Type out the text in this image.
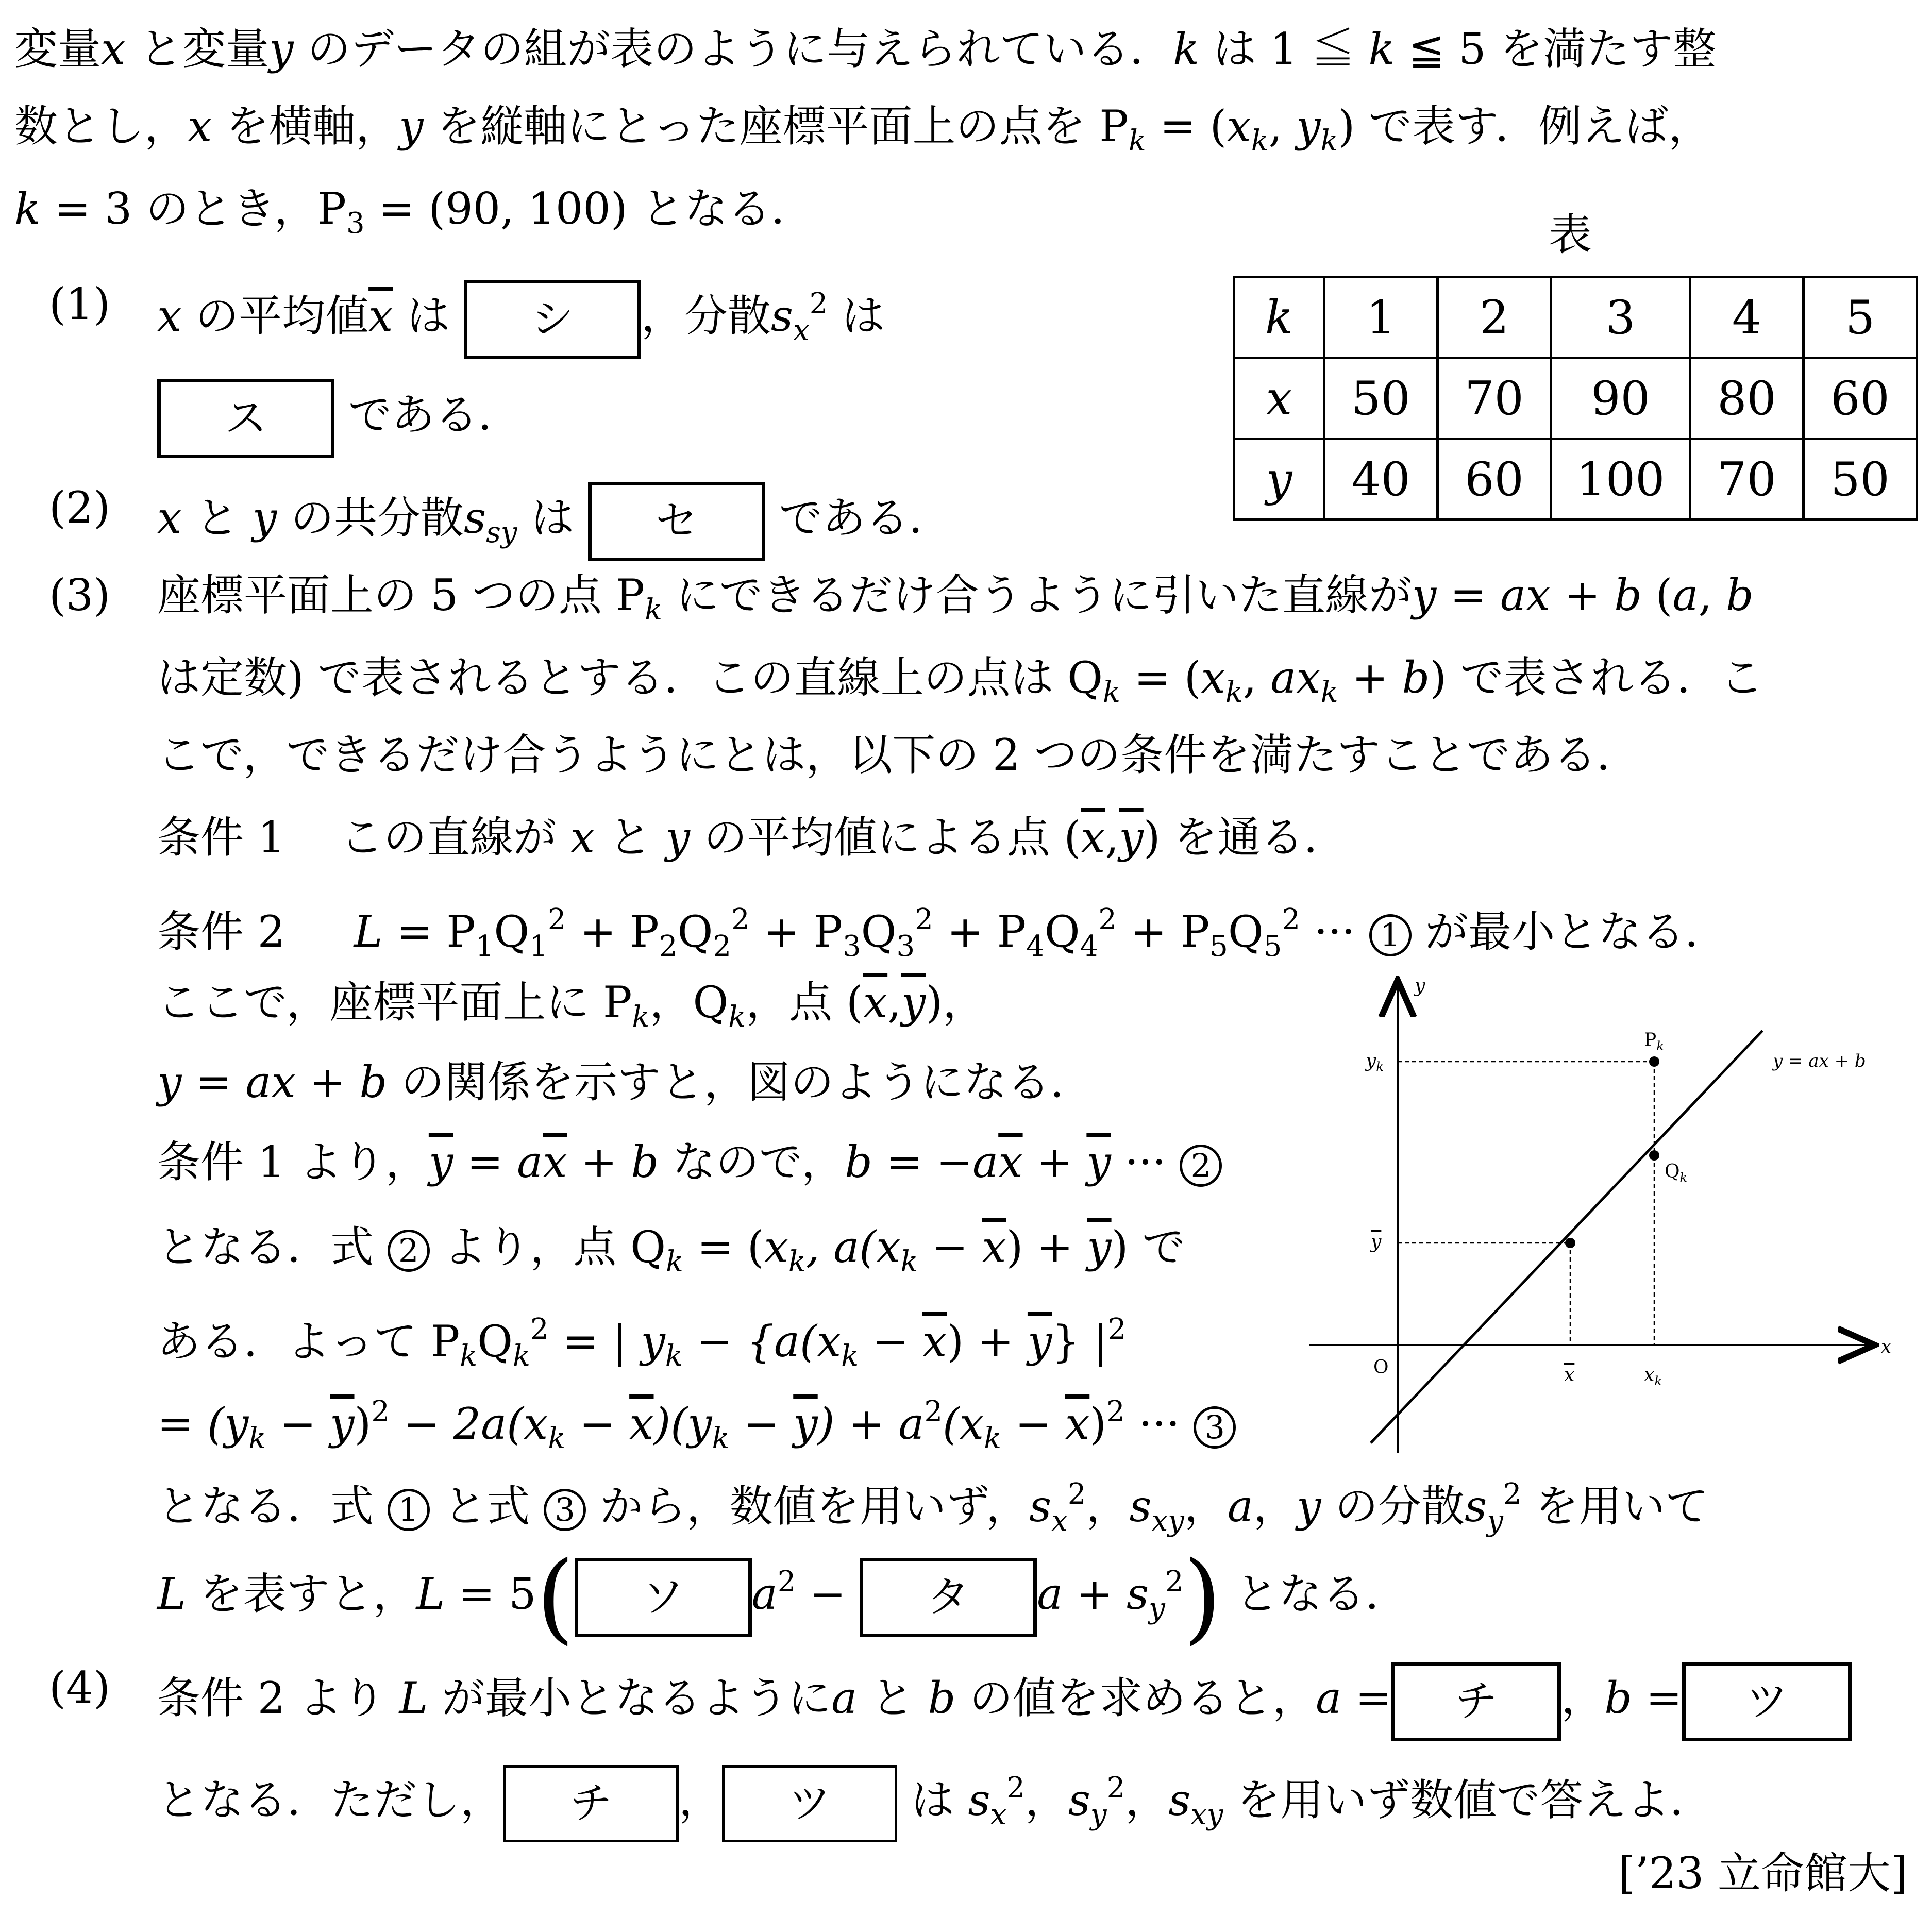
変量x と変量y のデータの組が表のように与えられている．k は 1 ≦ k ≦ 5 を満たす整
数とし，x を横軸，y を縦軸にとった座標平面上の点を $P_k = (x_k$, $y_k$) で表す．例えば，
k = 3 のとき，$P_3 = (90$, 100) となる．
表
k	1	2	3	4	5
x	50	70	90	80	60
y	40	60	100	70	50
(1) x の平均値$\overline{x}$ は シ ，分散$s_x^2$ は
ス である．
(2) x と y の共分散$s_{sy}$ は セ である．
(3) 座標平面上の 5 つの点 $P_k$ にできるだけ合うように引いた直線がy = ax + b (a, b
は定数) で表されるとする．この直線上の点は $Q_k = (x_k$, $ax_k + b$) で表される．こ
こで，できるだけ合うようにとは，以下の 2 つの条件を満たすことである．
条件 1 この直線が x と y の平均値による点 $(\overline{x},\overline{y})$ を通る．
条件 2 $L = P_1Q_1^2 + P_2Q_2^2 + P_3Q_3^2 + P_4Q_4^2 + P_5Q_5^2$ ··· 1 が最小となる．
ここで，座標平面上に $P_k$，$Q_k$，点 $(\overline{x},\overline{y})$，
y = ax + b の関係を示すと，図のようになる．
条件 1 より，$\overline{y} = a\overline{x} + b$ なので，$b = -a\overline{x} + \overline{y}$ ··· 2
となる．式 2 より，点 $Q_k = (x_k$, $a(x_k - \overline{x}) + \overline{y}$) で
ある．よって $P_kQ_k^2$ = | $y_k - \{a(x_k - \overline{x}) + \overline{y}\}$ $|^2$
= $(y_k - \overline{y})^2 - 2a(x_k - \overline{x})(y_k - \overline{y}) + a^2(x_k - \overline{x})^2$ ··· 3
となる．式 1 と式 3 から，数値を用いず，$s_x^2$，$s_{xy}$，a，y の分散$s_y^2$ を用いて
L を表すと，L = 5( ソ $a^2$ − タ $a + s_y^2$) となる．
(4) 条件 2 より L が最小となるようにa と b の値を求めると，a = チ ，b = ツ
となる．ただし， チ ， ツ は $s_x^2$，$s_y^2$，$s_{xy}$ を用いず数値で答えよ．
[’23 立命館大]
y
x
$y_k$
y
x	$x_k$
y = ax + b
O
$P_k$
$Q_k$
